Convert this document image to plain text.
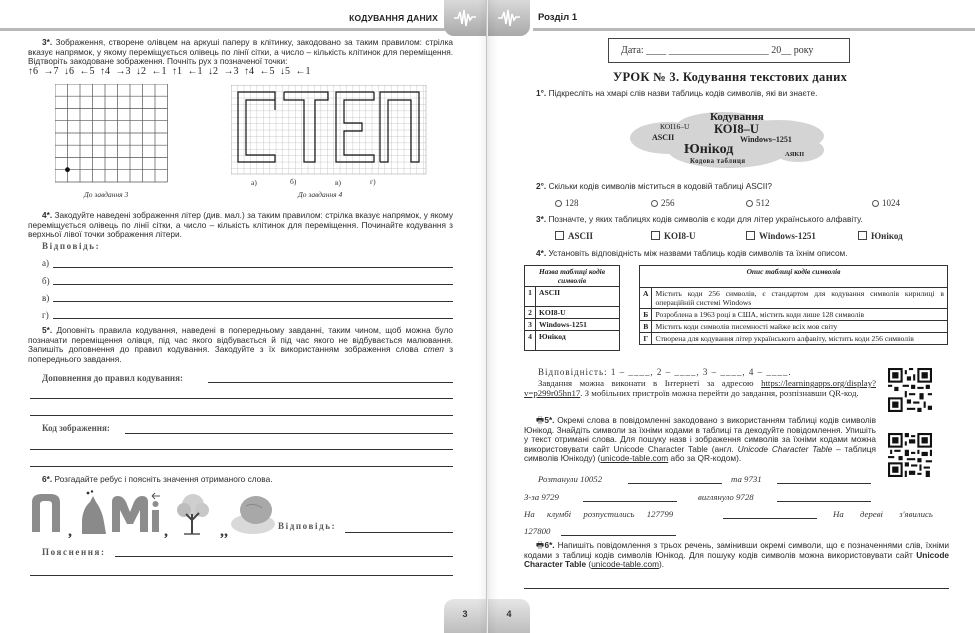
КОДУВАННЯ ДАНИХ
3*. Зображення, створене олівцем на аркуші паперу в клітинку, закодовано за таким правилом: стрілка вказує напрямок, у якому переміщується олівець по лінії сітки, а число – кількість клітинок для переміщення. Відтворіть закодоване зображення. Почніть рух з позначеної точки:
↑6 →7 ↓6 ←5 ↑4 →3 ↓2 ←1 ↑1 ←1 ↓2 →3 ↑4 ←5 ↓5 ←1
До завдання 3
а)	б)	в)	г)
До завдання 4
4*. Закодуйте наведені зображення літер (див. мал.) за таким правилом: стрілка вказує напрямок, у якому переміщується олівець по лінії сітки, а число – кількість клітинок для переміщення. Починайте кодування з верхньої лівої точки зображення літери.
Відповідь:
а)
б)
в)
г)
5*. Доповніть правила кодування, наведені в попередньому завданні, таким чином, щоб можна було позначати переміщення олівця, під час якого відбувається й під час якого не відбувається малювання. Запишіть доповнення до правил кодування. Закодуйте з їх використанням зображення слова степ з попереднього завдання.
Доповнення до правил кодування:
Код зображення:
6*. Розгадайте ребус і поясніть значення отриманого слова.
,	,	,,	Відповідь:
Пояснення:
3
Розділ 1
Дата: ____ ____________________ 20__ року
УРОК № 3. Кодування текстових даних
1°. Підкресліть на хмарі слів назви таблиць кодів символів, які ви знаєте.
Кодування
КОІ16–U КОІ8–U
ASCII	Windows–1251
Юнікод	АЯКІІ
Кодова таблиця
2°. Скільки кодів символів міститься в кодовій таблиці ASCII?
128	256	512	1024
3*. Позначте, у яких таблицях кодів символів є коди для літер українського алфавіту.
ASCII	KOI8-U	Windows-1251	Юнікод
4*. Установіть відповідність між назвами таблиць кодів символів та їхнім описом.
Назва таблиці кодів символів	
1	ASCII
2	KOI8-U
3	Windows-1251
4	Юнікод
Опис таблиці кодів символів	
А	Містить коди 256 символів, є стандартом для кодування символів кирилиці в операційній системі Windows
Б	Розроблена в 1963 році в США, містить коди лише 128 символів
В	Містить коди символів писемності майже всіх мов світу
Г	Створена для кодування літер українського алфавіту, містить коди 256 символів
Відповідність: 1 – ____, 2 – ____, 3 – ____, 4 – ____.
Завдання можна виконати в Інтернеті за адресою https://learningapps.org/display?v=p299r05hn17. З мобільних пристроїв можна перейти до завдання, розпізнавши QR-код.
🖶5*. Окремі слова в повідомленні закодовано з використанням таблиці кодів символів Юнікод. Знайдіть символи за їхніми кодами в таблиці та декодуйте повідомлення. Упишіть у текст отримані слова. Для пошуку назв і зображення символів за їхніми кодами можна використовувати сайт Unicode Character Table (англ. Unicode Character Table – таблиця символів Юнікоду) (unicode-table.com або за QR-кодом).
Розтанули 10052	та 9731
З-за 9729	виглянуло 9728
На клумбі розпустились 127799	На дереві з'явились
127800
🖶6*. Напишіть повідомлення з трьох речень, замінивши окремі символи, що є позначеннями слів, їхніми кодами з таблиці кодів символів Юнікод. Для пошуку кодів символів можна використовувати сайт Unicode Character Table (unicode-table.com).
4
